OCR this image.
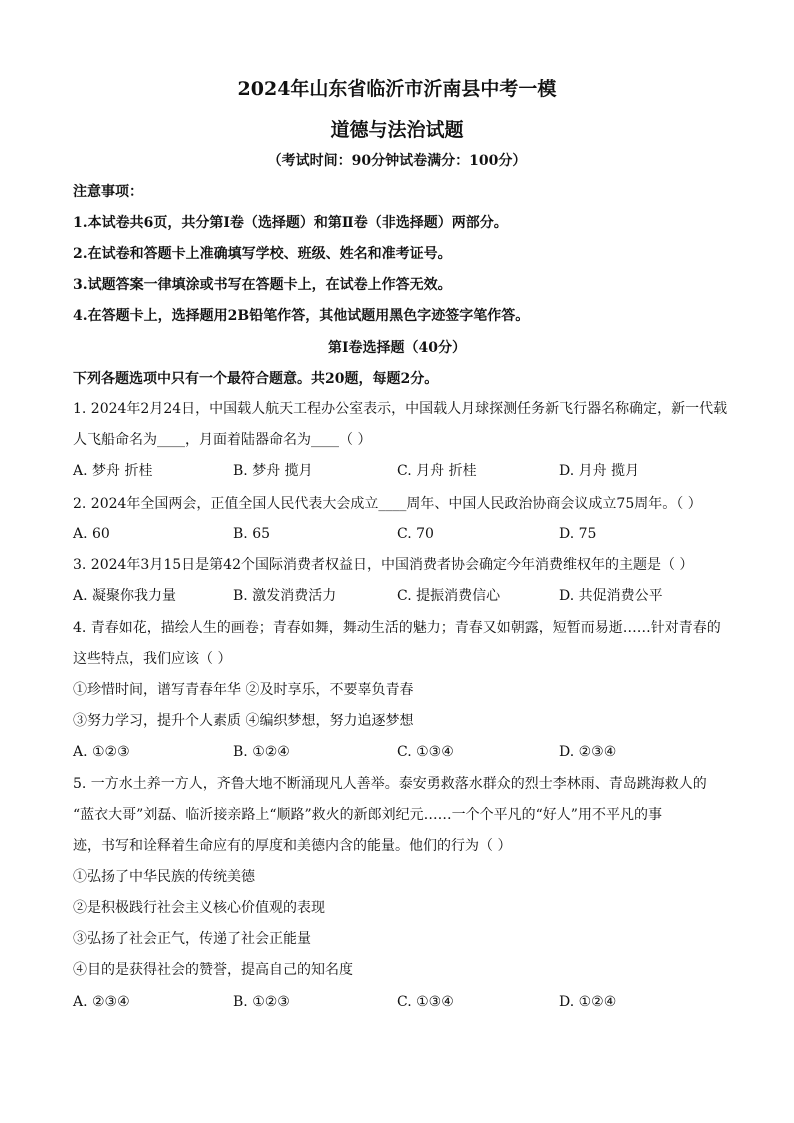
2024年山东省临沂市沂南县中考一模
道德与法治试题
（考试时间：90分钟试卷满分：100分）
注意事项：
1.本试卷共6页，共分第Ⅰ卷（选择题）和第Ⅱ卷（非选择题）两部分。
2.在试卷和答题卡上准确填写学校、班级、姓名和准考证号。
3.试题答案一律填涂或书写在答题卡上，在试卷上作答无效。
4.在答题卡上，选择题用2B铅笔作答，其他试题用黑色字迹签字笔作答。
第Ⅰ卷选择题（40分）
下列各题选项中只有一个最符合题意。共20题，每题2分。
1. 2024年2月24日，中国载人航天工程办公室表示，中国载人月球探测任务新飞行器名称确定，新一代载
人飞船命名为____，月面着陆器命名为____（ ）
A. 梦舟 折桂	B. 梦舟 揽月	C. 月舟 折桂	D. 月舟 揽月
2. 2024年全国两会，正值全国人民代表大会成立____周年、中国人民政治协商会议成立75周年。（ ）
A. 60	B. 65	C. 70	D. 75
3. 2024年3月15日是第42个国际消费者权益日，中国消费者协会确定今年消费维权年的主题是（ ）
A. 凝聚你我力量	B. 激发消费活力	C. 提振消费信心	D. 共促消费公平
4. 青春如花，描绘人生的画卷；青春如舞，舞动生活的魅力；青春又如朝露，短暂而易逝……针对青春的
这些特点，我们应该（ ）
①珍惜时间，谱写青春年华 ②及时享乐，不要辜负青春
③努力学习，提升个人素质 ④编织梦想，努力追逐梦想
A. ①②③	B. ①②④	C. ①③④	D. ②③④
5. 一方水土养一方人，齐鲁大地不断涌现凡人善举。泰安勇救落水群众的烈士李林雨、青岛跳海救人的
“蓝衣大哥”刘磊、临沂接亲路上“顺路”救火的新郎刘纪元……一个个平凡的“好人”用不平凡的事
迹，书写和诠释着生命应有的厚度和美德内含的能量。他们的行为（ ）
①弘扬了中华民族的传统美德
②是积极践行社会主义核心价值观的表现
③弘扬了社会正气，传递了社会正能量
④目的是获得社会的赞誉，提高自己的知名度
A. ②③④	B. ①②③	C. ①③④	D. ①②④
